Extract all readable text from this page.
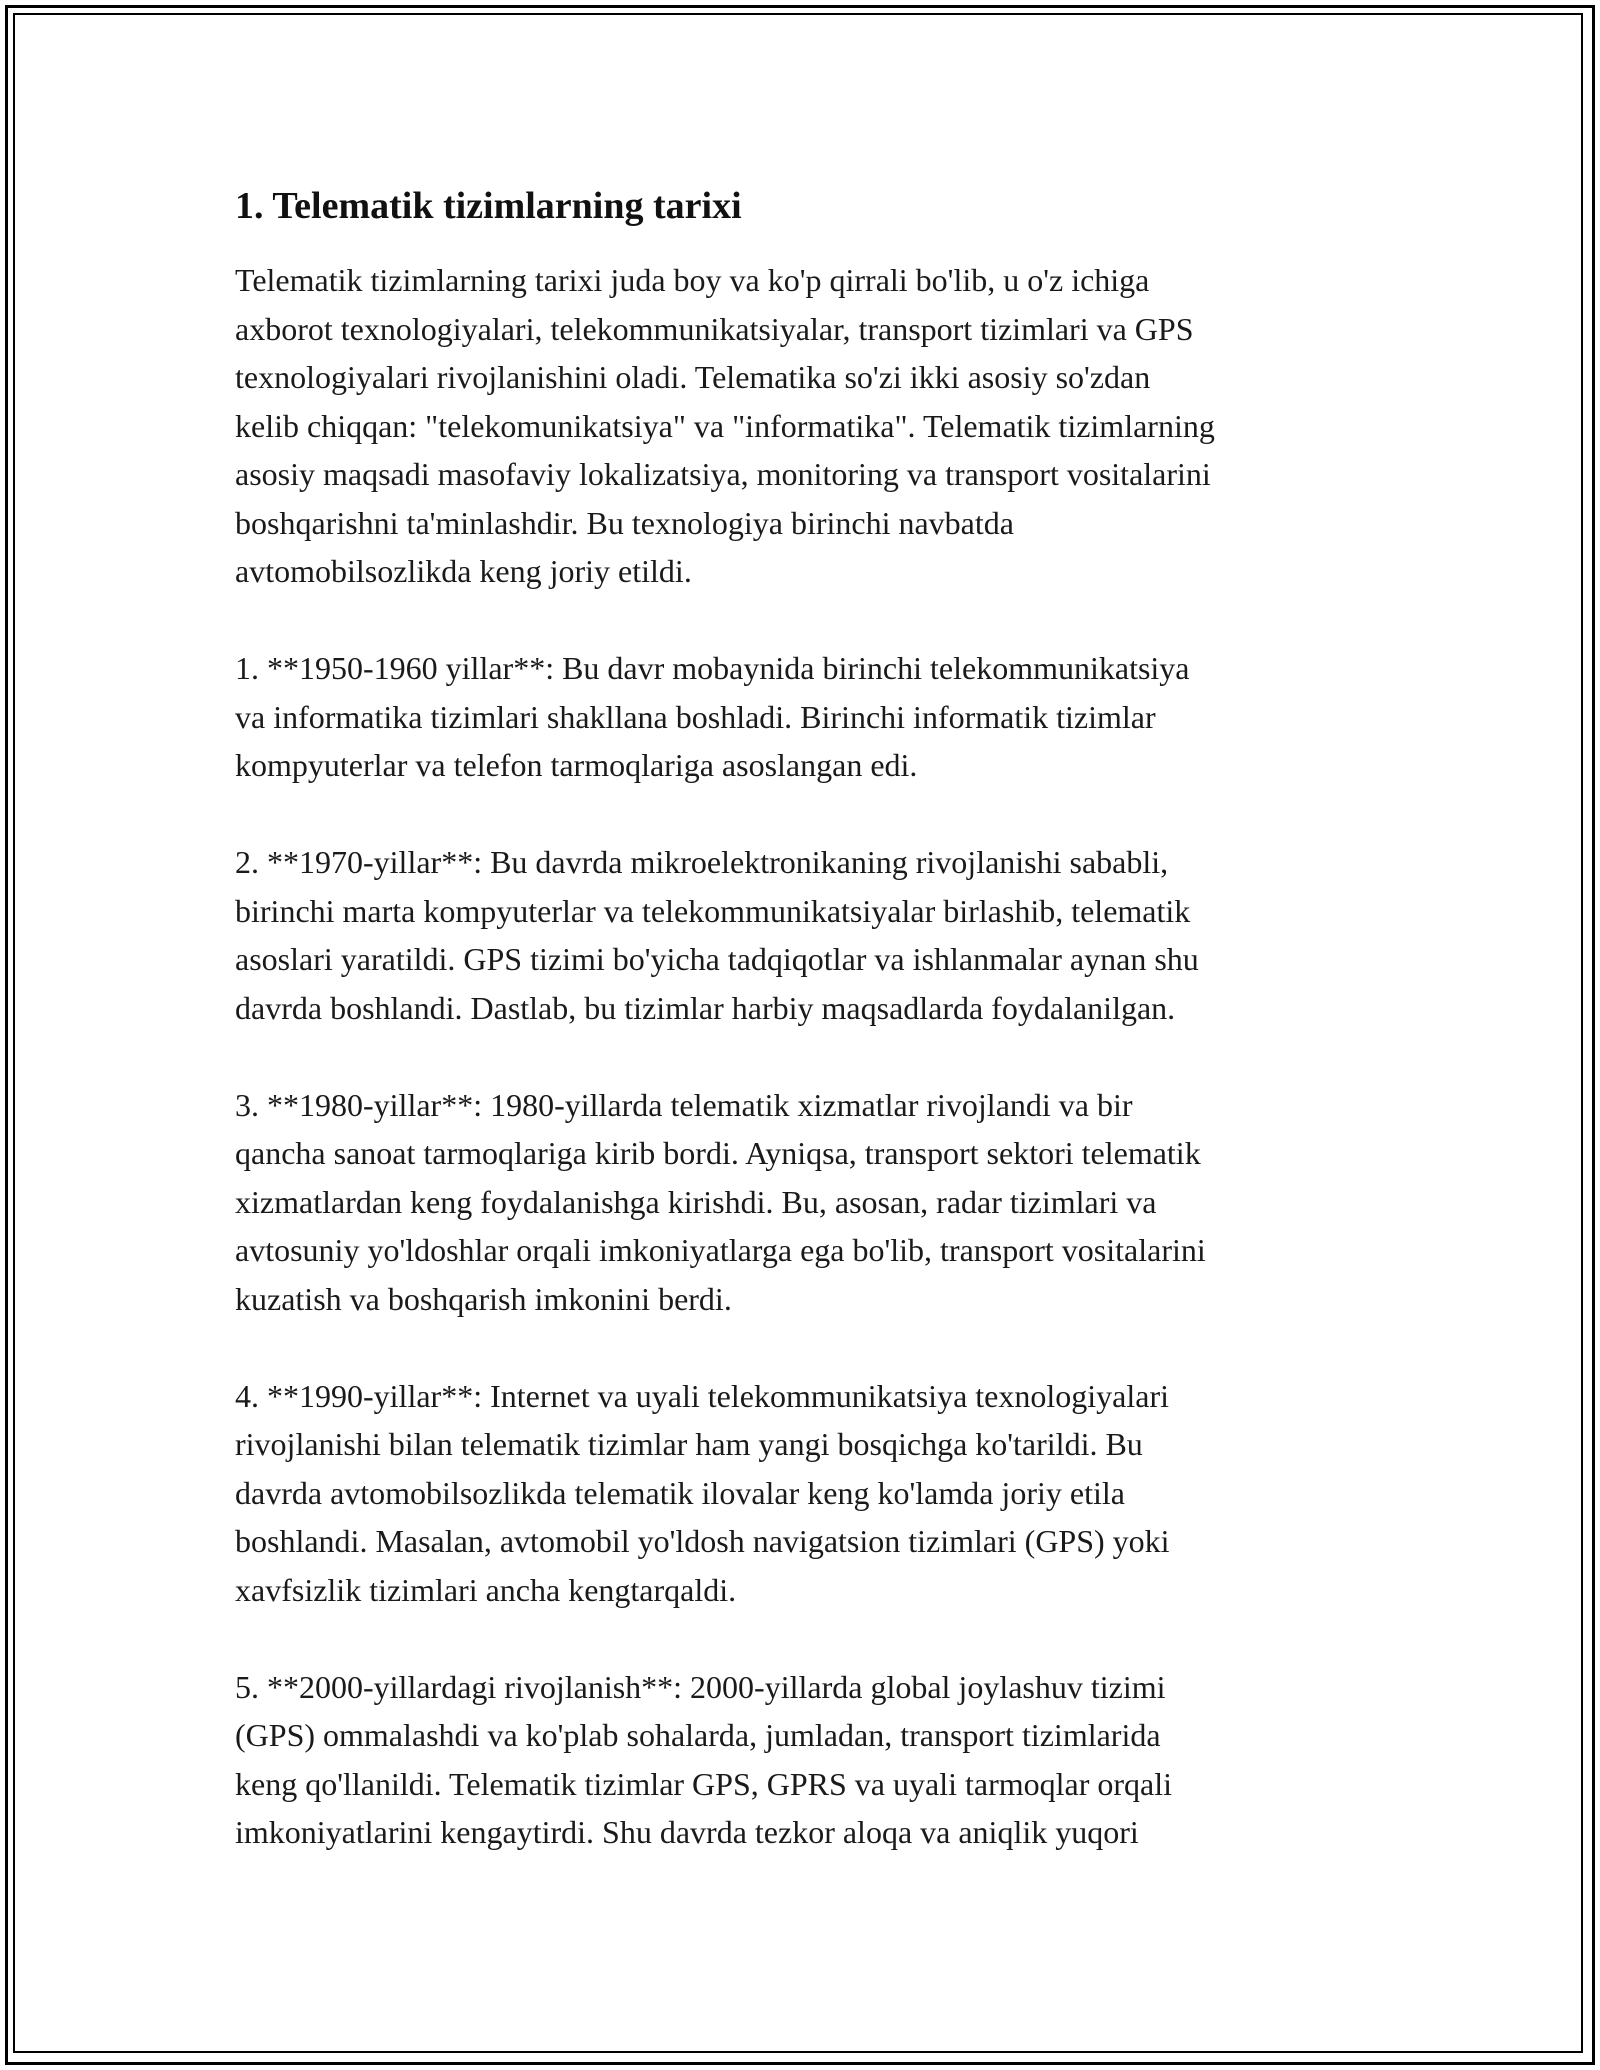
1. Telematik tizimlarning tarixi

Telematik tizimlarning tarixi juda boy va ko'p qirrali bo'lib, u o'z ichiga
axborot texnologiyalari, telekommunikatsiyalar, transport tizimlari va GPS
texnologiyalari rivojlanishini oladi. Telematika so'zi ikki asosiy so'zdan
kelib chiqqan: "telekomunikatsiya" va "informatika". Telematik tizimlarning
asosiy maqsadi masofaviy lokalizatsiya, monitoring va transport vositalarini
boshqarishni ta'minlashdir. Bu texnologiya birinchi navbatda
avtomobilsozlikda keng joriy etildi.

1. **1950-1960 yillar**: Bu davr mobaynida birinchi telekommunikatsiya
va informatika tizimlari shakllana boshladi. Birinchi informatik tizimlar
kompyuterlar va telefon tarmoqlariga asoslangan edi.

2. **1970-yillar**: Bu davrda mikroelektronikaning rivojlanishi sababli,
birinchi marta kompyuterlar va telekommunikatsiyalar birlashib, telematik
asoslari yaratildi. GPS tizimi bo'yicha tadqiqotlar va ishlanmalar aynan shu
davrda boshlandi. Dastlab, bu tizimlar harbiy maqsadlarda foydalanilgan.

3. **1980-yillar**: 1980-yillarda telematik xizmatlar rivojlandi va bir
qancha sanoat tarmoqlariga kirib bordi. Ayniqsa, transport sektori telematik
xizmatlardan keng foydalanishga kirishdi. Bu, asosan, radar tizimlari va
avtosuniy yo'ldoshlar orqali imkoniyatlarga ega bo'lib, transport vositalarini
kuzatish va boshqarish imkonini berdi.

4. **1990-yillar**: Internet va uyali telekommunikatsiya texnologiyalari
rivojlanishi bilan telematik tizimlar ham yangi bosqichga ko'tarildi. Bu
davrda avtomobilsozlikda telematik ilovalar keng ko'lamda joriy etila
boshlandi. Masalan, avtomobil yo'ldosh navigatsion tizimlari (GPS) yoki
xavfsizlik tizimlari ancha kengtarqaldi.

5. **2000-yillardagi rivojlanish**: 2000-yillarda global joylashuv tizimi
(GPS) ommalashdi va ko'plab sohalarda, jumladan, transport tizimlarida
keng qo'llanildi. Telematik tizimlar GPS, GPRS va uyali tarmoqlar orqali
imkoniyatlarini kengaytirdi. Shu davrda tezkor aloqa va aniqlik yuqori
